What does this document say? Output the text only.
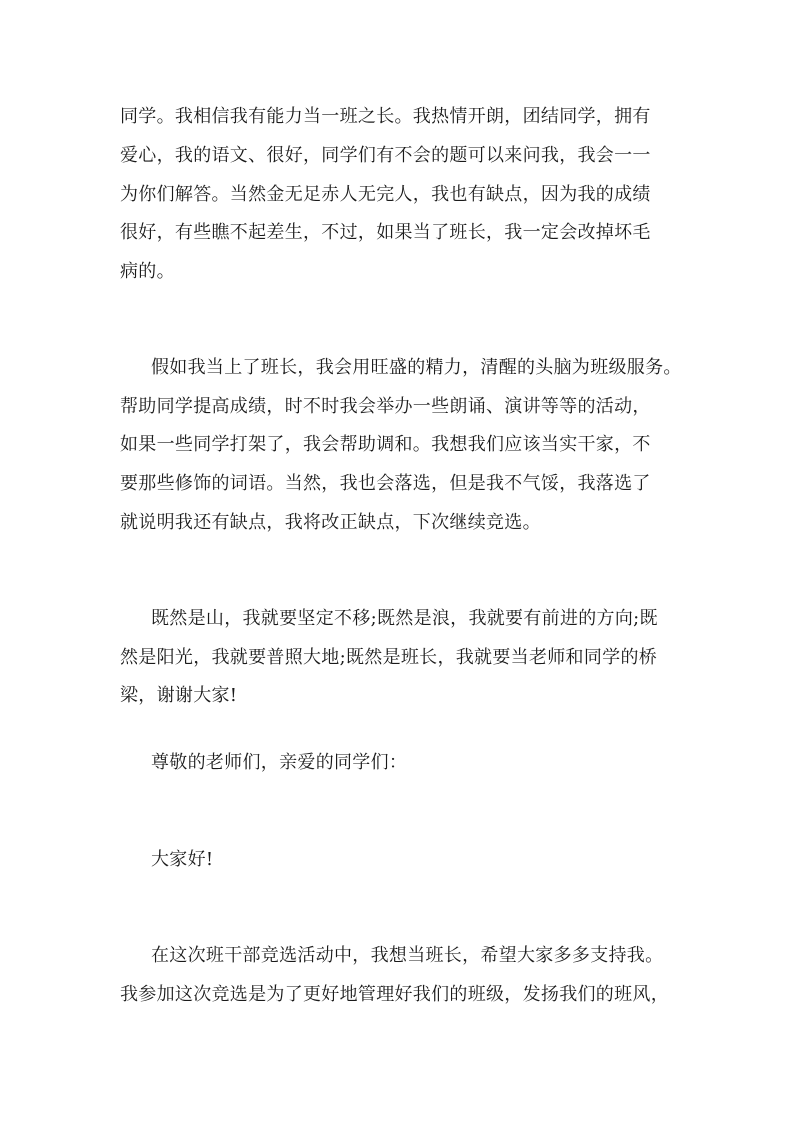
同学。我相信我有能力当一班之长。我热情开朗，团结同学，拥有
爱心，我的语文、很好，同学们有不会的题可以来问我，我会一一
为你们解答。当然金无足赤人无完人，我也有缺点，因为我的成绩
很好，有些瞧不起差生，不过，如果当了班长，我一定会改掉坏毛
病的。
假如我当上了班长，我会用旺盛的精力，清醒的头脑为班级服务。
帮助同学提高成绩，时不时我会举办一些朗诵、演讲等等的活动，
如果一些同学打架了，我会帮助调和。我想我们应该当实干家，不
要那些修饰的词语。当然，我也会落选，但是我不气馁，我落选了
就说明我还有缺点，我将改正缺点，下次继续竞选。
既然是山，我就要坚定不移;既然是浪，我就要有前进的方向;既
然是阳光，我就要普照大地;既然是班长，我就要当老师和同学的桥
梁，谢谢大家!
尊敬的老师们，亲爱的同学们：
大家好!
在这次班干部竞选活动中，我想当班长，希望大家多多支持我。
我参加这次竞选是为了更好地管理好我们的班级，发扬我们的班风，
